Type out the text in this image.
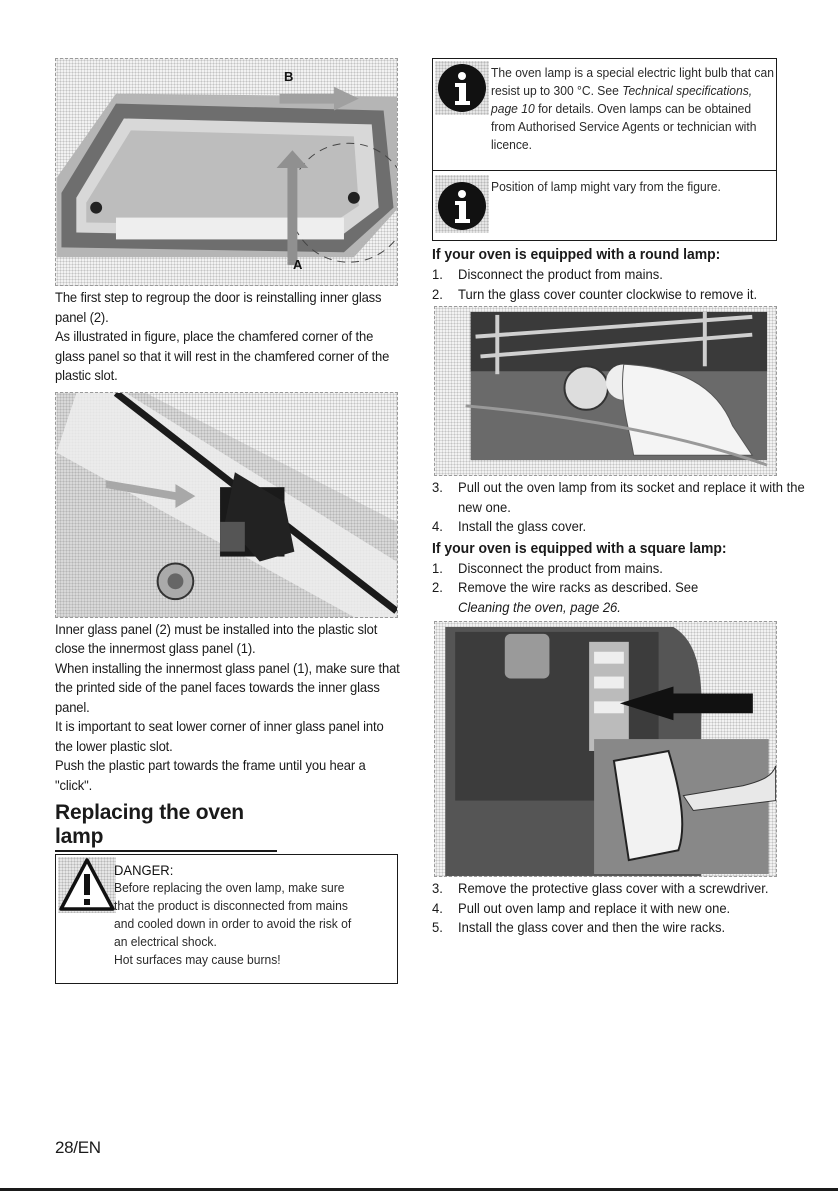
B
A

The first step to regroup the door is reinstalling inner glass panel (2).

As illustrated in figure, place the chamfered corner of the glass panel so that it will rest in the chamfered corner of the plastic slot.

Inner glass panel (2) must be installed into the plastic slot close the innermost glass panel (1).

When installing the innermost glass panel (1), make sure that the printed side of the panel faces towards the inner glass panel.

It is important to seat lower corner of inner glass panel into the lower plastic slot.

Push the plastic part towards the frame until you hear a "click".

Replacing the oven lamp
DANGER:
Before replacing the oven lamp, make sure
that the product is disconnected from mains
and cooled down in order to avoid the risk of
an electrical shock.
Hot surfaces may cause burns!
The oven lamp is a special electric light bulb that can resist up to 300 °C. See Technical specifications, page 10 for details. Oven lamps can be obtained from Authorised Service Agents or technician with licence.
Position of lamp might vary from the figure.
If your oven is equipped with a round lamp:
1. Disconnect the product from mains.
2. Turn the glass cover counter clockwise to remove it.
3. Pull out the oven lamp from its socket and replace it with the new one.
4. Install the glass cover.
If your oven is equipped with a square lamp:
1. Disconnect the product from mains.
2. Remove the wire racks as described. See
Cleaning the oven, page 26.
3. Remove the protective glass cover with a screwdriver.
4. Pull out oven lamp and replace it with new one.
5. Install the glass cover and then the wire racks.
28/EN
